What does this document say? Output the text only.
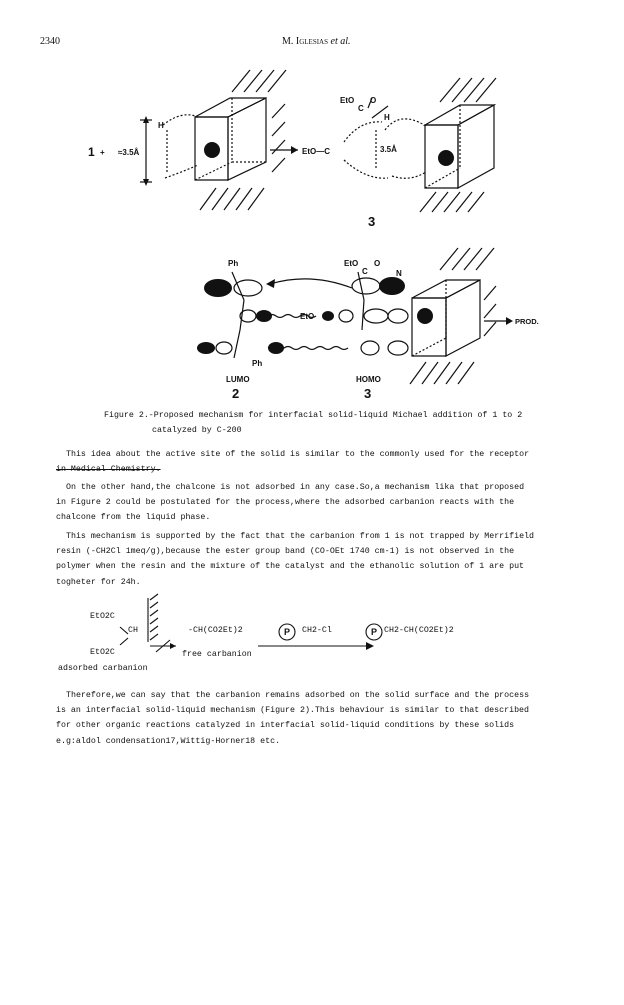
2340	M. Iglesias et al.
EtO
C
O
H
H
≈3.5Å
+
1	EtO—C	3.5Å
3
Ph
Ph
EtO
C
O
N
EtO
LUMO	HOMO
2	3
PROD.
Figure 2.-Proposed mechanism for interfacial solid-liquid Michael addition of 1 to 2
catalyzed by C-200

This idea about the active site of the solid is similar to the commonly used for the receptor

in Medical Chemistry.

On the other hand,the chalcone is not adsorbed in any case.So,a mechanism lika that proposed

in Figure 2 could be postulated for the process,where the adsorbed carbanion reacts with the

chalcone from the liquid phase.

This mechanism is supported by the fact that the carbanion from 1 is not trapped by Merrifield

resin (-CH2Cl 1meq/g),because the ester group band (CO-OEt 1740 cm-1) is not observed in the

polymer when the resin and the mixture of the catalyst and the ethanolic solution of 1 are put

togheter for 24h.

P	P
EtO2C
CH
EtO2C
adsorbed carbanion
-CH(CO2Et)2
free carbanion
CH2-Cl	CH2-CH(CO2Et)2

Therefore,we can say that the carbanion remains adsorbed on the solid surface and the process

is an interfacial solid-liquid mechanism (Figure 2).This behaviour is similar to that described

for other organic reactions catalyzed in interfacial solid-liquid conditions by these solids

e.g:aldol condensation17,Wittig-Horner18 etc.
